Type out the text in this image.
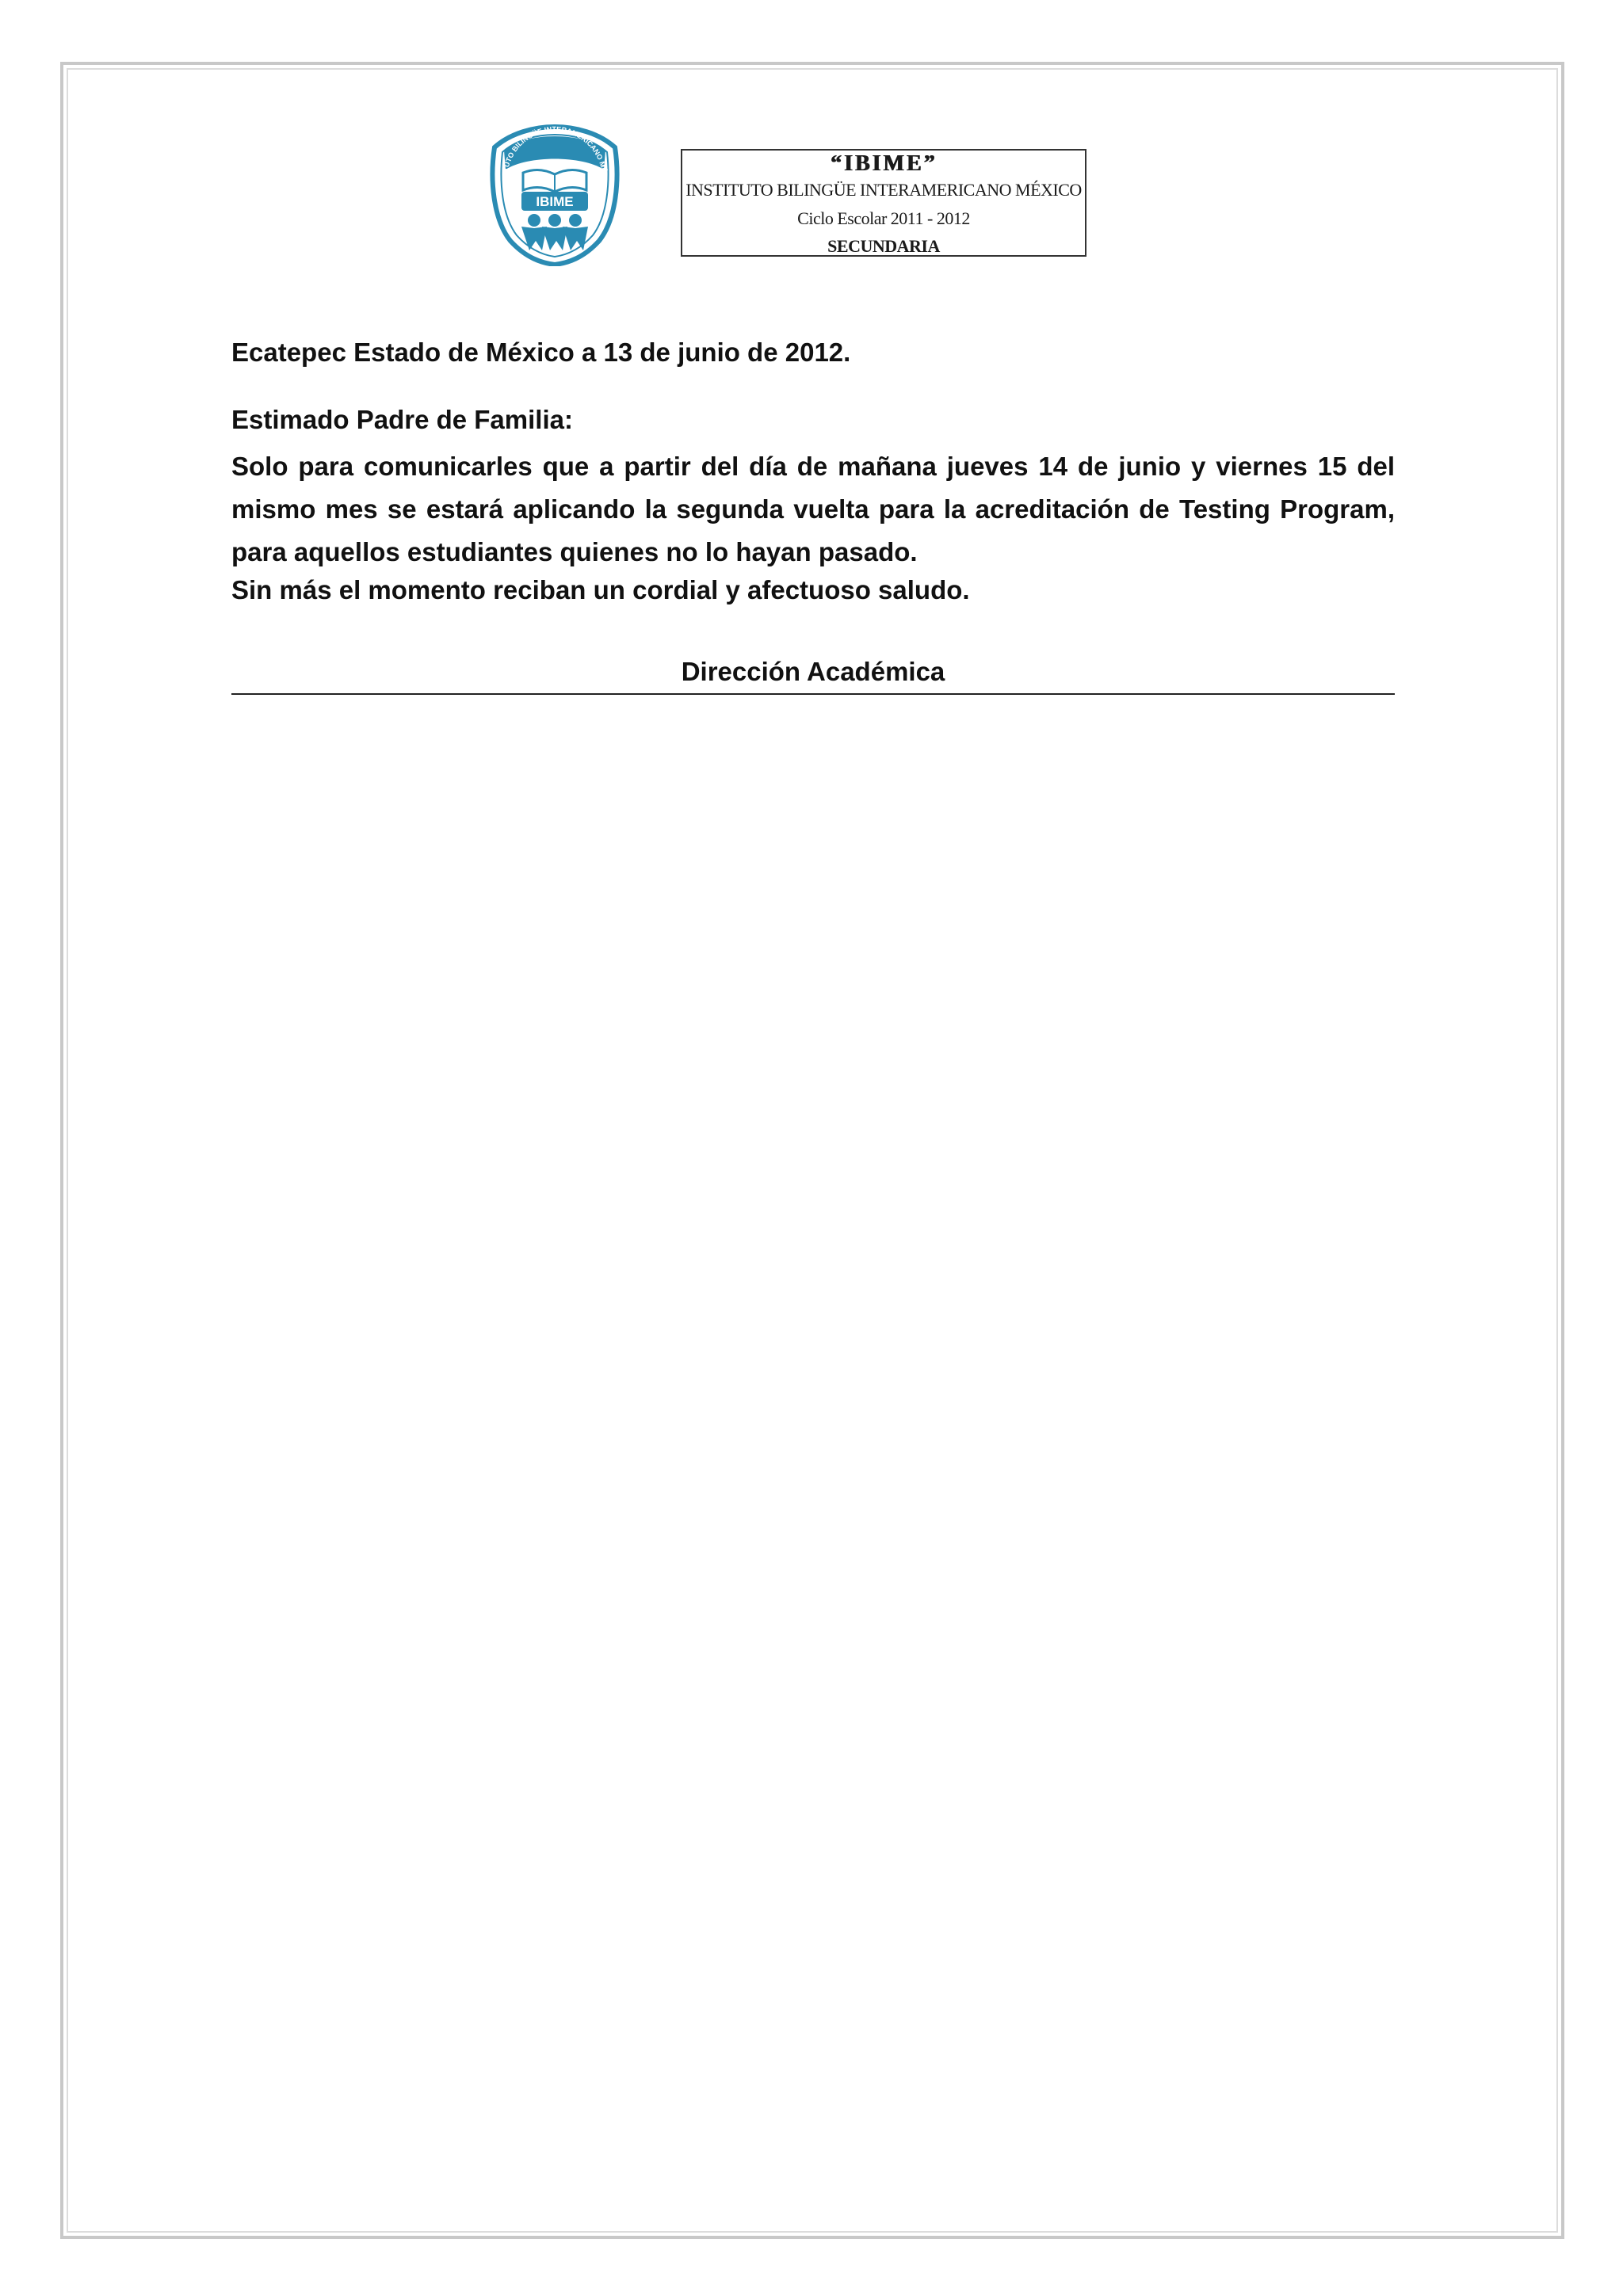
TITUTO BILINGÜE INTERAMERICANO MÉXI
IBIME
“IBIME”
INSTITUTO BILINGÜE INTERAMERICANO MÉXICO
Ciclo Escolar 2011 - 2012
SECUNDARIA
Ecatepec Estado de México a 13 de junio de 2012.
Estimado Padre de Familia:
Solo para comunicarles que a partir del día de mañana jueves 14 de junio y viernes 15 del mismo mes se estará aplicando la segunda vuelta para la acreditación de Testing Program, para aquellos estudiantes quienes no lo hayan pasado.
Sin más el momento reciban un cordial y afectuoso saludo.
Dirección Académica
